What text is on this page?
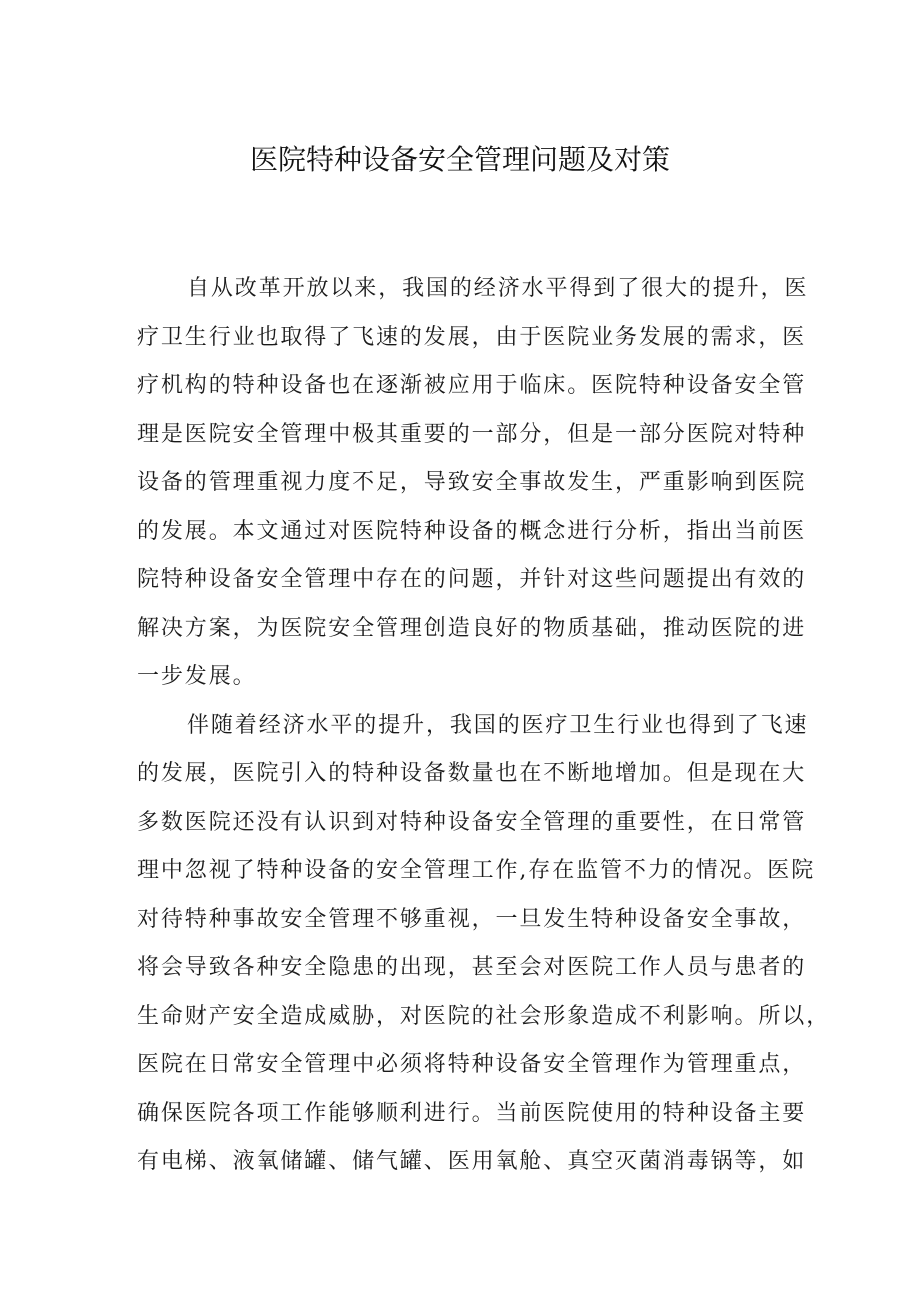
医院特种设备安全管理问题及对策
自从改革开放以来，我国的经济水平得到了很大的提升，医
疗卫生行业也取得了飞速的发展，由于医院业务发展的需求，医
疗机构的特种设备也在逐渐被应用于临床。医院特种设备安全管
理是医院安全管理中极其重要的一部分，但是一部分医院对特种
设备的管理重视力度不足，导致安全事故发生，严重影响到医院
的发展。本文通过对医院特种设备的概念进行分析，指出当前医
院特种设备安全管理中存在的问题，并针对这些问题提出有效的
解决方案，为医院安全管理创造良好的物质基础，推动医院的进
一步发展。
伴随着经济水平的提升，我国的医疗卫生行业也得到了飞速
的发展，医院引入的特种设备数量也在不断地增加。但是现在大
多数医院还没有认识到对特种设备安全管理的重要性，在日常管
理中忽视了特种设备的安全管理工作,存在监管不力的情况。医院
对待特种事故安全管理不够重视，一旦发生特种设备安全事故，
将会导致各种安全隐患的出现，甚至会对医院工作人员与患者的
生命财产安全造成威胁，对医院的社会形象造成不利影响。所以，
医院在日常安全管理中必须将特种设备安全管理作为管理重点，
确保医院各项工作能够顺利进行。当前医院使用的特种设备主要
有电梯、液氧储罐、储气罐、医用氧舱、真空灭菌消毒锅等，如
